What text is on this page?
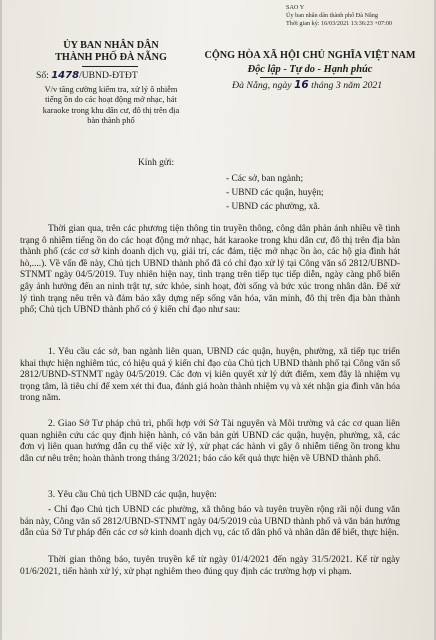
SAO Y
Ủy ban nhân dân thành phố Đà Nẵng
Thời gian ký: 16/03/2021 13:36:23 +07:00
ỦY BAN NHÂN DÂN
THÀNH PHỐ ĐÀ NẴNG
Số: 1478/UBND-ĐTĐT
V/v tăng cường kiểm tra, xử lý ô nhiễm tiếng ồn do các hoạt động mở nhạc, hát karaoke trong khu dân cư, đô thị trên địa bàn thành phố
CỘNG HÒA XÃ HỘI CHỦ NGHĨA VIỆT NAM
Độc lập - Tự do - Hạnh phúc
Đà Nẵng, ngày 16 tháng 3 năm 2021
Kính gửi:
- Các sở, ban ngành;
- UBND các quận, huyện;
- UBND các phường, xã.

Thời gian qua, trên các phương tiện thông tin truyền thông, công dân phản ánh nhiều về tình trạng ô nhiễm tiếng ồn do các hoạt động mở nhạc, hát karaoke trong khu dân cư, đô thị trên địa bàn thành phố (các cơ sở kinh doanh dịch vụ, giải trí, các đám, tiệc mở nhạc ồn ào, các hộ gia đình hát hò,....). Về vấn đề này, Chủ tịch UBND thành phố đã có chỉ đạo xử lý tại Công văn số 2812/UBND-STNMT ngày 04/5/2019. Tuy nhiên hiện nay, tình trạng trên tiếp tục tiếp diễn, ngày càng phổ biến gây ảnh hưởng đến an ninh trật tự, sức khỏe, sinh hoạt, đời sống và bức xúc trong nhân dân. Để xử lý tình trạng nêu trên và đảm bảo xây dựng nếp sống văn hóa, văn minh, đô thị trên địa bàn thành phố; Chủ tịch UBND thành phố có ý kiến chỉ đạo như sau:

1. Yêu cầu các sở, ban ngành liên quan, UBND các quận, huyện, phường, xã tiếp tục triển khai thực hiện nghiêm túc, có hiệu quả ý kiến chỉ đạo của Chủ tịch UBND thành phố tại Công văn số 2812/UBND-STNMT ngày 04/5/2019. Các đơn vị kiên quyết xử lý dứt điểm, xem đây là nhiệm vụ trọng tâm, là tiêu chí để xem xét thi đua, đánh giá hoàn thành nhiệm vụ và xét nhận gia đình văn hóa trong năm.

2. Giao Sở Tư pháp chủ trì, phối hợp với Sở Tài nguyên và Môi trường và các cơ quan liên quan nghiên cứu các quy định hiện hành, có văn bản gửi UBND các quận, huyện, phường, xã, các đơn vị liên quan hướng dẫn cụ thể việc xử lý, xử phạt các hành vi gây ô nhiễm tiếng ồn trong khu dân cư nêu trên; hoàn thành trong tháng 3/2021; báo cáo kết quả thực hiện về UBND thành phố.

3. Yêu cầu Chủ tịch UBND các quận, huyện:

- Chỉ đạo Chủ tịch UBND các phường, xã thông báo và tuyên truyền rộng rãi nội dung văn bản này, Công văn số 2812/UBND-STNMT ngày 04/5/2019 của UBND thành phố và văn bản hướng dẫn của Sở Tư pháp đến các cơ sở kinh doanh dịch vụ, các tổ dân phố và nhân dân để biết, thực hiện.

Thời gian thông báo, tuyên truyền kể từ ngày 01/4/2021 đến ngày 31/5/2021. Kể từ ngày 01/6/2021, tiến hành xử lý, xử phạt nghiêm theo đúng quy định các trường hợp vi phạm.
